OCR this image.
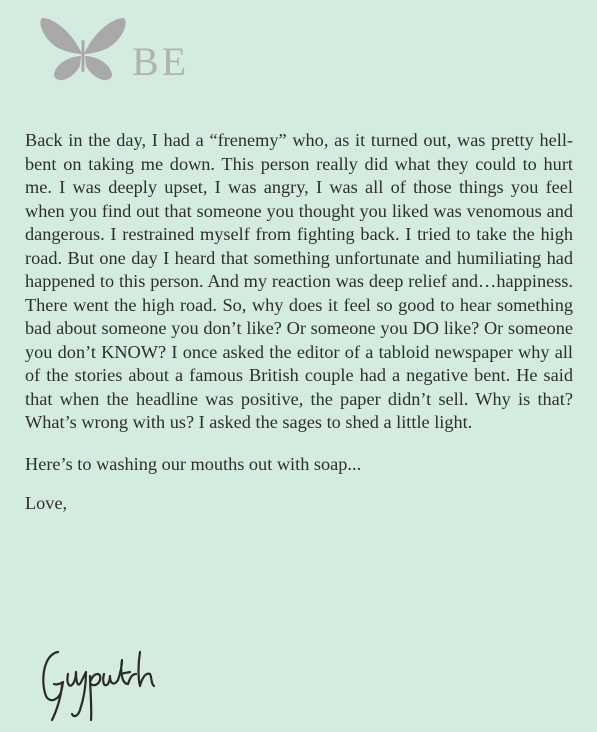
BE

Back in the day, I had a “frenemy” who, as it turned out, was pretty hell-bent on taking me down. This person really did what they could to hurt me. I was deeply upset, I was angry, I was all of those things you feel when you find out that someone you thought you liked was venomous and dangerous. I restrained myself from fighting back. I tried to take the high road. But one day I heard that something unfortunate and humiliating had happened to this person. And my reaction was deep relief and…happiness. There went the high road. So, why does it feel so good to hear something bad about someone you don’t like? Or someone you DO like? Or someone you don’t KNOW? I once asked the editor of a tabloid newspaper why all of the stories about a famous British couple had a negative bent. He said that when the headline was positive, the paper didn’t sell. Why is that? What’s wrong with us? I asked the sages to shed a little light.

Here’s to washing our mouths out with soap...

Love,
